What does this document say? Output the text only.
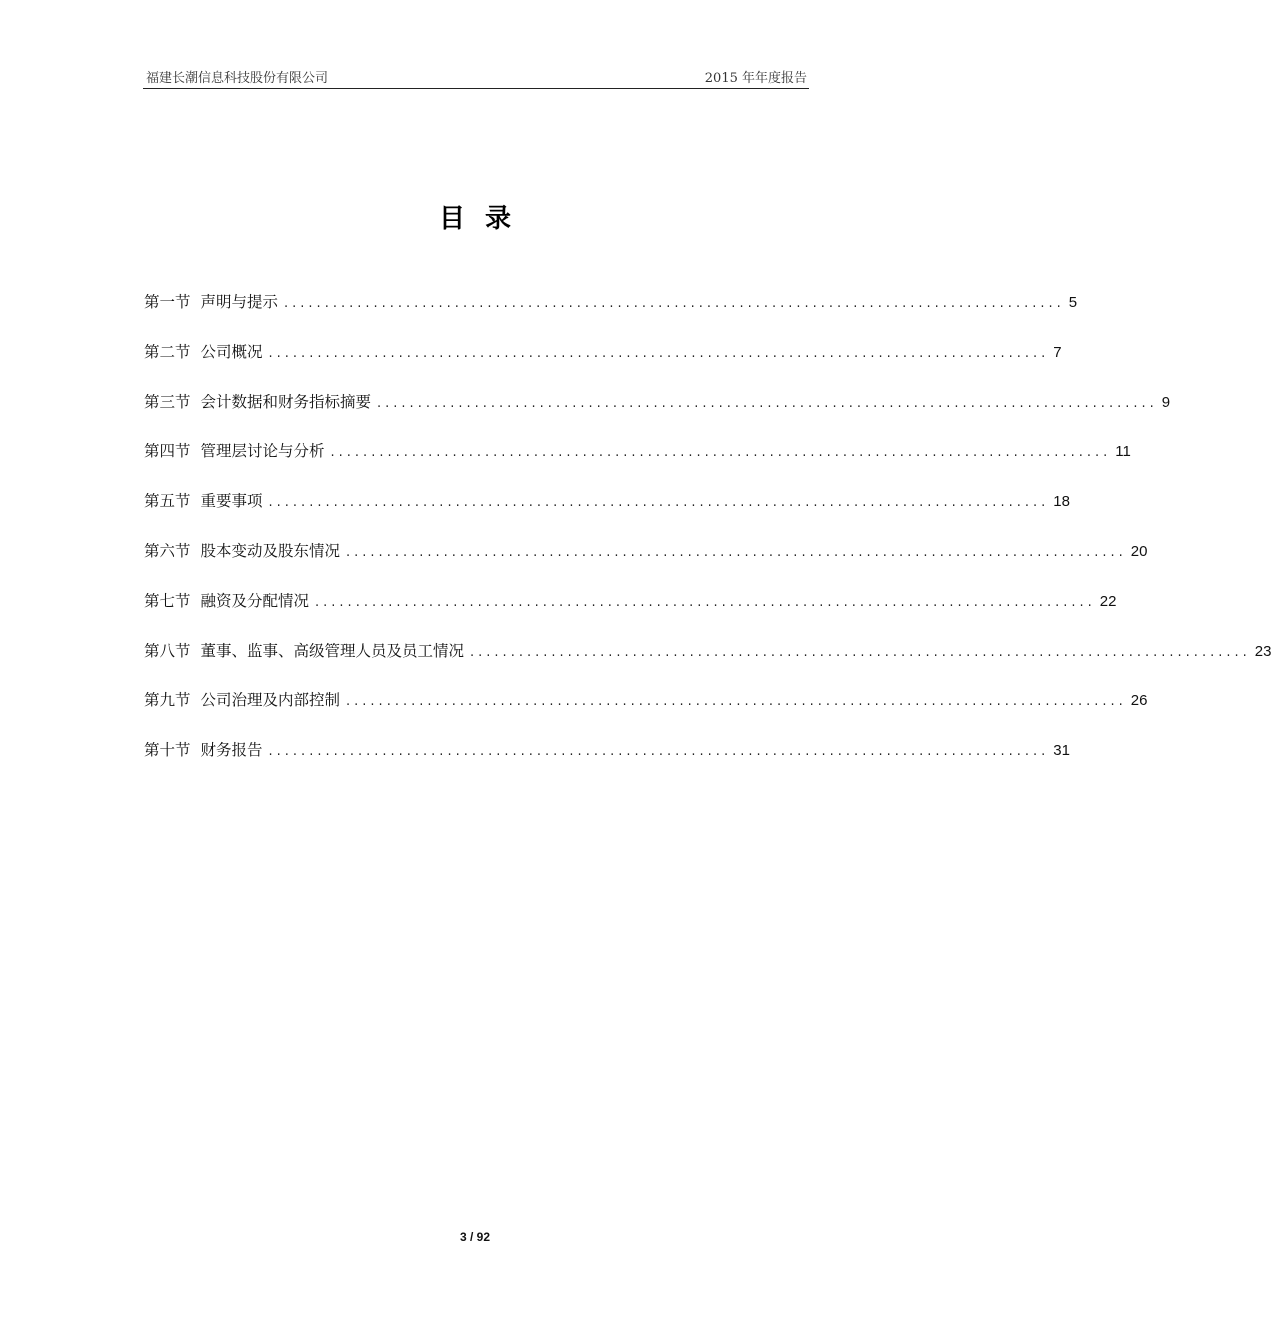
福建长潮信息科技股份有限公司	2015 年年度报告
目录
第一节 声明与提示 ................................................................................................ 5
第二节 公司概况 ................................................................................................ 7
第三节 会计数据和财务指标摘要 ................................................................................................ 9
第四节 管理层讨论与分析 ................................................................................................ 11
第五节 重要事项 ................................................................................................ 18
第六节 股本变动及股东情况 ................................................................................................ 20
第七节 融资及分配情况 ................................................................................................ 22
第八节 董事、监事、高级管理人员及员工情况 ................................................................................................ 23
第九节 公司治理及内部控制 ................................................................................................ 26
第十节 财务报告 ................................................................................................ 31
3 / 92
